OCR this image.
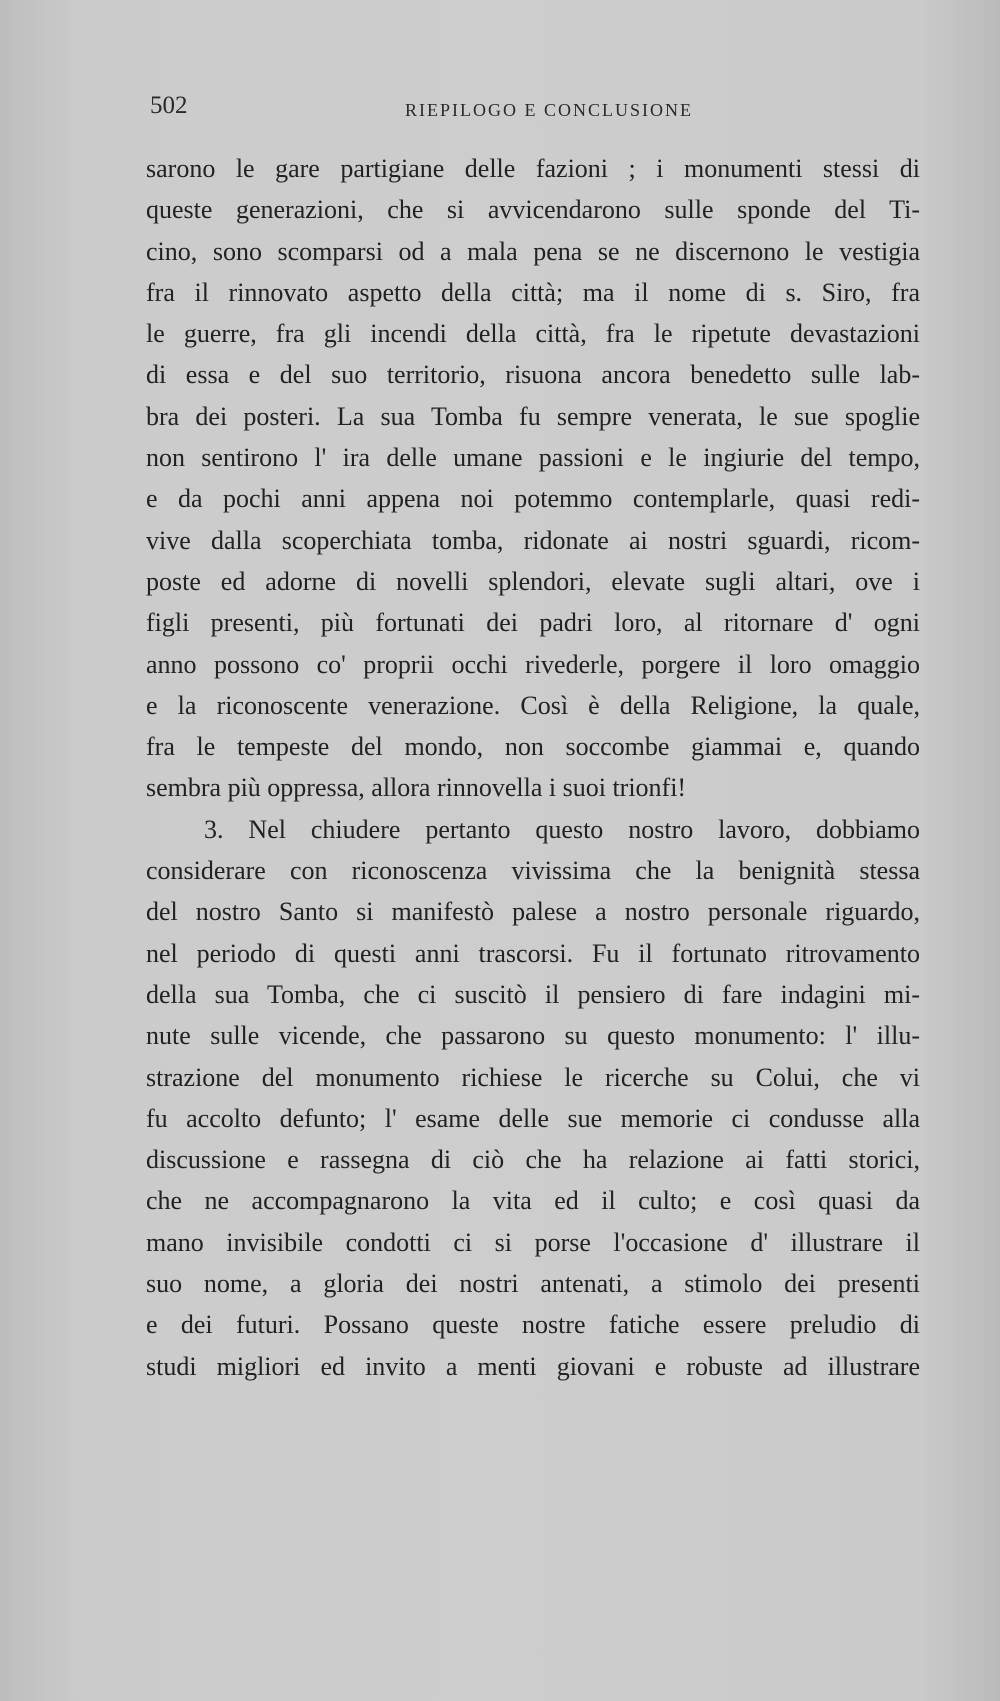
502	RIEPILOGO E CONCLUSIONE
sarono le gare partigiane delle fazioni ; i monumenti stessi di
queste generazioni, che si avvicendarono sulle sponde del Ti-
cino, sono scomparsi od a mala pena se ne discernono le vestigia
fra il rinnovato aspetto della città; ma il nome di s. Siro, fra
le guerre, fra gli incendi della città, fra le ripetute devastazioni
di essa e del suo territorio, risuona ancora benedetto sulle lab-
bra dei posteri. La sua Tomba fu sempre venerata, le sue spoglie
non sentirono l' ira delle umane passioni e le ingiurie del tempo,
e da pochi anni appena noi potemmo contemplarle, quasi redi-
vive dalla scoperchiata tomba, ridonate ai nostri sguardi, ricom-
poste ed adorne di novelli splendori, elevate sugli altari, ove i
figli presenti, più fortunati dei padri loro, al ritornare d' ogni
anno possono co' proprii occhi rivederle, porgere il loro omaggio
e la riconoscente venerazione. Così è della Religione, la quale,
fra le tempeste del mondo, non soccombe giammai e, quando
sembra più oppressa, allora rinnovella i suoi trionfi!
3. Nel chiudere pertanto questo nostro lavoro, dobbiamo
considerare con riconoscenza vivissima che la benignità stessa
del nostro Santo si manifestò palese a nostro personale riguardo,
nel periodo di questi anni trascorsi. Fu il fortunato ritrovamento
della sua Tomba, che ci suscitò il pensiero di fare indagini mi-
nute sulle vicende, che passarono su questo monumento: l' illu-
strazione del monumento richiese le ricerche su Colui, che vi
fu accolto defunto; l' esame delle sue memorie ci condusse alla
discussione e rassegna di ciò che ha relazione ai fatti storici,
che ne accompagnarono la vita ed il culto; e così quasi da
mano invisibile condotti ci si porse l'occasione d' illustrare il
suo nome, a gloria dei nostri antenati, a stimolo dei presenti
e dei futuri. Possano queste nostre fatiche essere preludio di
studi migliori ed invito a menti giovani e robuste ad illustrare
